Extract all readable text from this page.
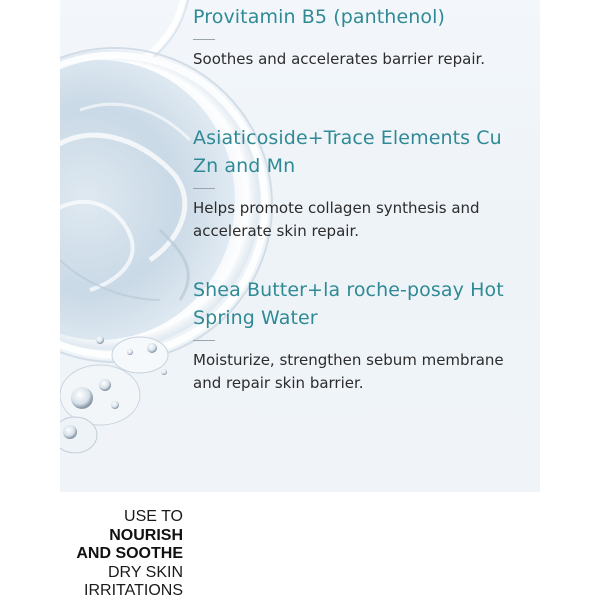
Provitamin B5 (panthenol)
Soothes and accelerates barrier repair.
Asiaticoside+Trace Elements Cu
Zn and Mn
Helps promote collagen synthesis and
accelerate skin repair.
Shea Butter+la roche-posay Hot
Spring Water
Moisturize, strengthen sebum membrane
and repair skin barrier.
USE TO
NOURISH
AND SOOTHE
DRY SKIN
IRRITATIONS
